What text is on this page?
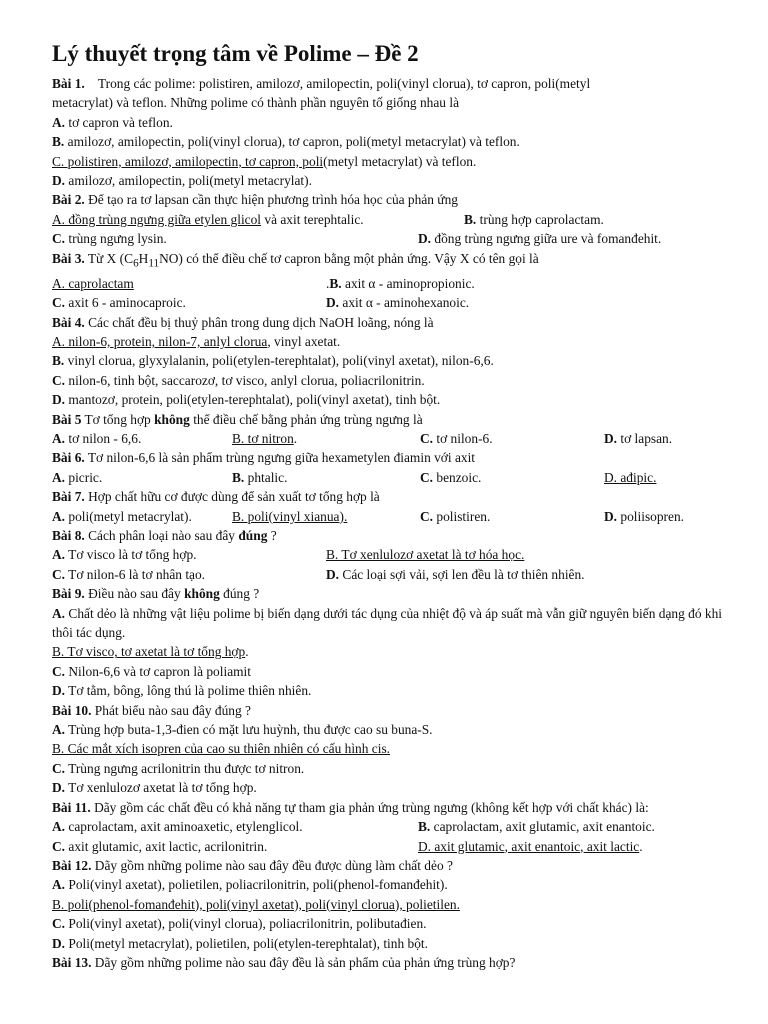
Lý thuyết trọng tâm về Polime – Đề 2
Bài 1. Trong các polime: polistiren, amilozơ, amilopectin, poli(vinyl clorua), tơ capron, poli(metyl
metacrylat) và teflon. Những polime có thành phần nguyên tố giống nhau là
A. tơ capron và teflon.
B. amilozơ, amilopectin, poli(vinyl clorua), tơ capron, poli(metyl metacrylat) và teflon.
C. polistiren, amilozơ, amilopectin, tơ capron, poli(metyl metacrylat) và teflon.
D. amilozơ, amilopectin, poli(metyl metacrylat).
Bài 2. Để tạo ra tơ lapsan cần thực hiện phương trình hóa học của phản ứng
A. đồng trùng ngưng giữa etylen glicol và axit terephtalic.	B. trùng hợp caprolactam.
C. trùng ngưng lysin.	D. đồng trùng ngưng giữa ure và fomanđehit.
Bài 3. Từ X $(C_6H_{11}NO)$ có thể điều chế tơ capron bằng một phản ứng. Vậy X có tên gọi là
A. caprolactam	.B. axit α - aminopropionic.
C. axit 6 - aminocaproic.	D. axit α - aminohexanoic.
Bài 4. Các chất đều bị thuỷ phân trong dung dịch NaOH loãng, nóng là
A. nilon-6, protein, nilon-7, anlyl clorua, vinyl axetat.
B. vinyl clorua, glyxylalanin, poli(etylen-terephtalat), poli(vinyl axetat), nilon-6,6.
C. nilon-6, tinh bột, saccarozơ, tơ visco, anlyl clorua, poliacrilonitrin.
D. mantozơ, protein, poli(etylen-terephtalat), poli(vinyl axetat), tinh bột.
Bài 5 Tơ tổng hợp không thể điều chế bằng phản ứng trùng ngưng là
A. tơ nilon - 6,6.	B. tơ nitron.	C. tơ nilon-6.	D. tơ lapsan.
Bài 6. Tơ nilon-6,6 là sản phẩm trùng ngưng giữa hexametylen điamin với axit
A. picric.	B. phtalic.	C. benzoic.	D. ađipic.
Bài 7. Hợp chất hữu cơ được dùng để sản xuất tơ tổng hợp là
A. poli(metyl metacrylat).	B. poli(vinyl xianua).	C. polistiren.	D. poliisopren.
Bài 8. Cách phân loại nào sau đây đúng ?
A. Tơ visco là tơ tổng hợp.	B. Tơ xenlulozơ axetat là tơ hóa học.
C. Tơ nilon-6 là tơ nhân tạo.	D. Các loại sợi vải, sợi len đều là tơ thiên nhiên.
Bài 9. Điều nào sau đây không đúng ?
A. Chất dẻo là những vật liệu polime bị biến dạng dưới tác dụng của nhiệt độ và áp suất mà vẫn giữ nguyên biến dạng đó khi thôi tác dụng.
B. Tơ visco, tơ axetat là tơ tổng hợp.
C. Nilon-6,6 và tơ capron là poliamit
D. Tơ tằm, bông, lông thú là polime thiên nhiên.
Bài 10. Phát biểu nào sau đây đúng ?
A. Trùng hợp buta-1,3-đien có mặt lưu huỳnh, thu được cao su buna-S.
B. Các mắt xích isopren của cao su thiên nhiên có cấu hình cis.
C. Trùng ngưng acrilonitrin thu được tơ nitron.
D. Tơ xenlulozơ axetat là tơ tổng hợp.
Bài 11. Dãy gồm các chất đều có khả năng tự tham gia phản ứng trùng ngưng (không kết hợp với chất khác) là:
A. caprolactam, axit aminoaxetic, etylenglicol.	B. caprolactam, axit glutamic, axit enantoic.
C. axit glutamic, axit lactic, acrilonitrin.	D. axit glutamic, axit enantoic, axit lactic.
Bài 12. Dãy gồm những polime nào sau đây đều được dùng làm chất dẻo ?
A. Poli(vinyl axetat), polietilen, poliacrilonitrin, poli(phenol-fomanđehit).
B. poli(phenol-fomanđehit), poli(vinyl axetat), poli(vinyl clorua), polietilen.
C. Poli(vinyl axetat), poli(vinyl clorua), poliacrilonitrin, polibutađien.
D. Poli(metyl metacrylat), polietilen, poli(etylen-terephtalat), tinh bột.
Bài 13. Dãy gồm những polime nào sau đây đều là sản phẩm của phản ứng trùng hợp?
